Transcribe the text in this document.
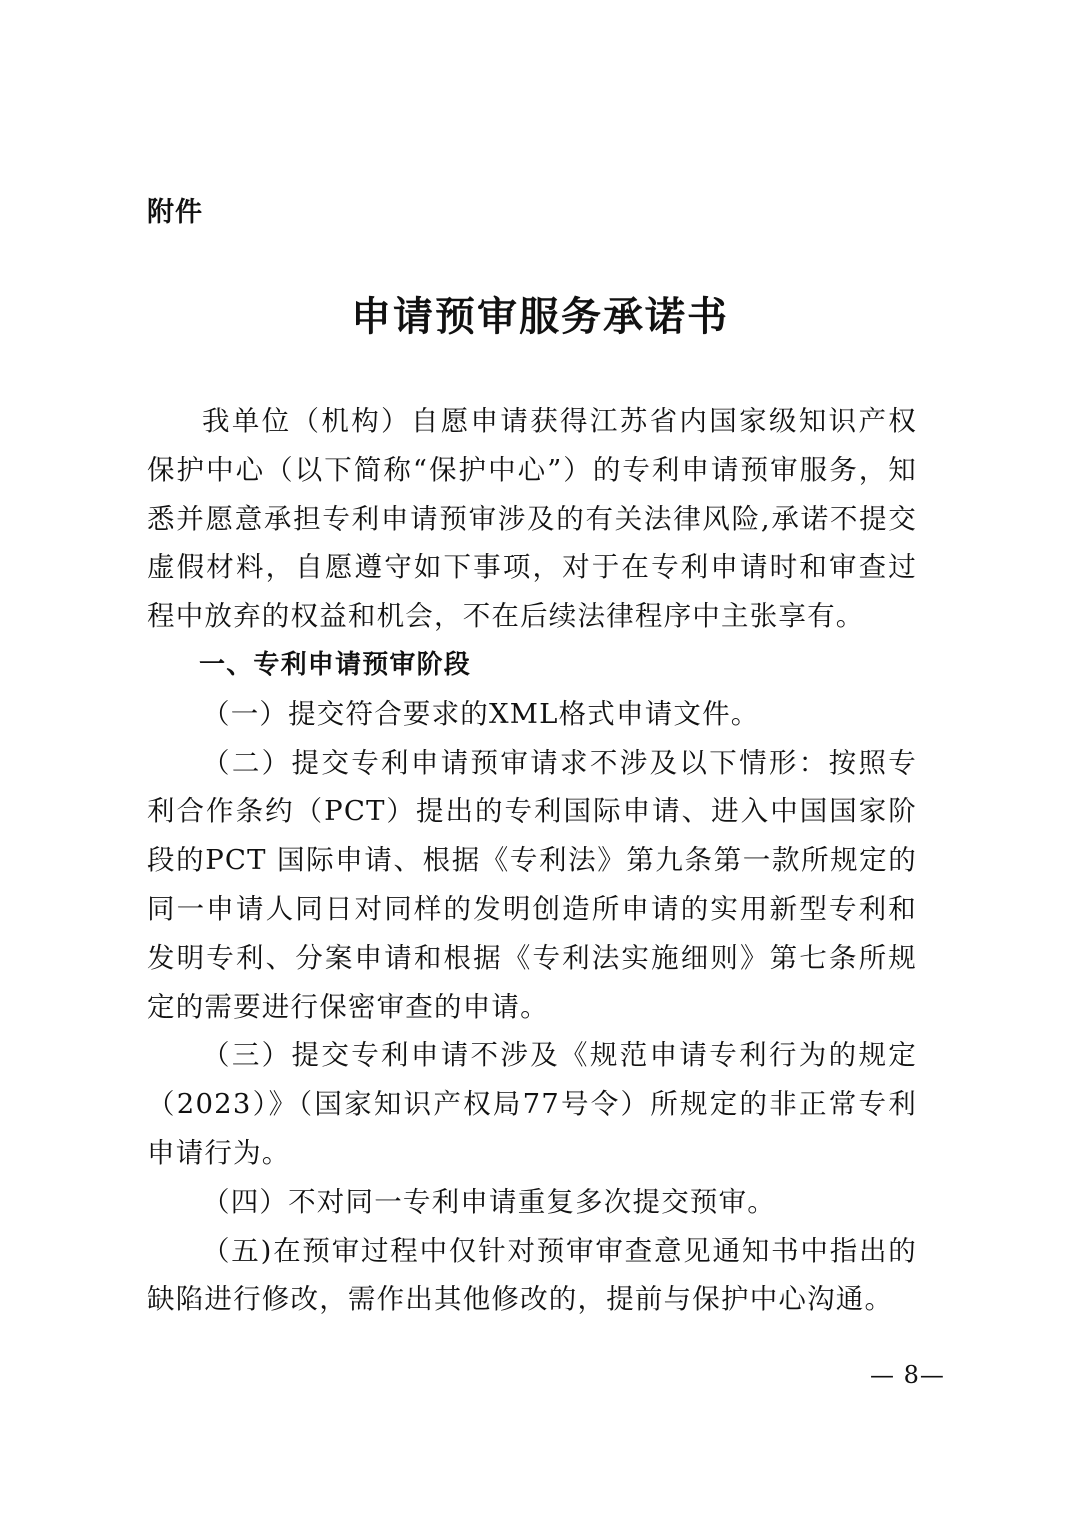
附件
申请预审服务承诺书

我单位（机构）自愿申请获得江苏省内国家级知识产权保护中心（以下简称“保护中心”）的专利申请预审服务，知悉并愿意承担专利申请预审涉及的有关法律风险,承诺不提交虚假材料，自愿遵守如下事项，对于在专利申请时和审查过程中放弃的权益和机会，不在后续法律程序中主张享有。

一、专利申请预审阶段

（一）提交符合要求的XML格式申请文件。

（二）提交专利申请预审请求不涉及以下情形：按照专利合作条约（PCT）提出的专利国际申请、进入中国国家阶段的PCT 国际申请、根据《专利法》第九条第一款所规定的同一申请人同日对同样的发明创造所申请的实用新型专利和发明专利、分案申请和根据《专利法实施细则》第七条所规定的需要进行保密审查的申请。

（三）提交专利申请不涉及《规范申请专利行为的规定（2023）》（国家知识产权局77号令）所规定的非正常专利申请行为。

（四）不对同一专利申请重复多次提交预审。

（五)在预审过程中仅针对预审审查意见通知书中指出的缺陷进行修改，需作出其他修改的，提前与保护中心沟通。

— 8—
